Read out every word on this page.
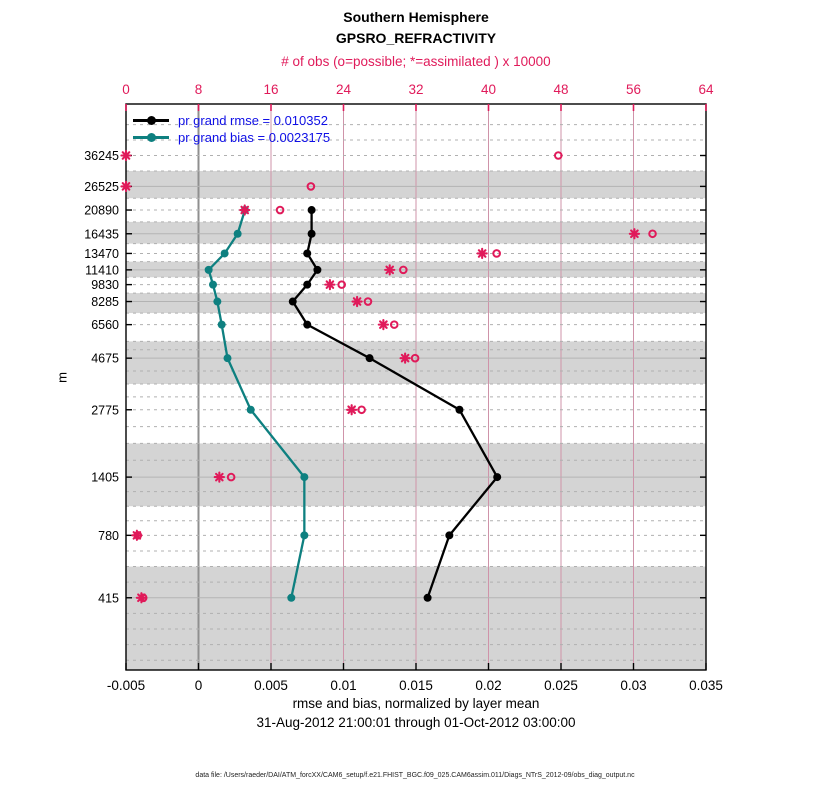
0	8	16	24	32	40	48	56	64
-0.005	0	0.005	0.01	0.015	0.02	0.025	0.03	0.035
36245
26525
20890
16435
13470
11410
9830
8285
6560
4675
2775
1405
780
415
Southern Hemisphere
GPSRO_REFRACTIVITY
# of obs (o=possible; *=assimilated ) x 10000
pr grand rmse = 0.010352
pr grand bias = 0.0023175
m
rmse and bias, normalized by layer mean
31-Aug-2012 21:00:01 through 01-Oct-2012 03:00:00
data file: /Users/raeder/DAI/ATM_forcXX/CAM6_setup/f.e21.FHIST_BGC.f09_025.CAM6assim.011/Diags_NTrS_2012-09/obs_diag_output.nc
